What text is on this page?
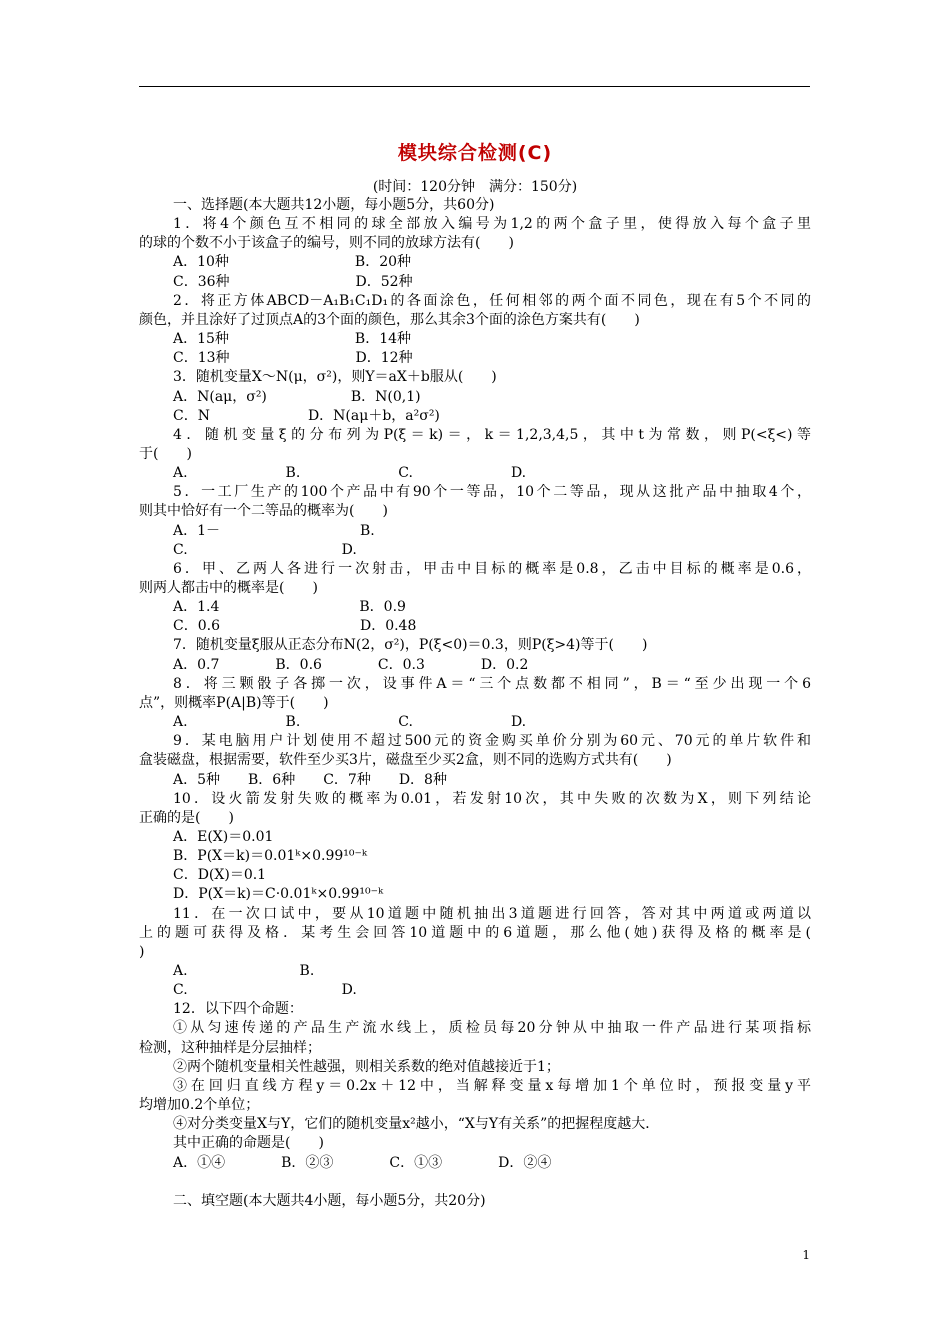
模块综合检测(C)
(时间：120分钟　满分：150分)
一、选择题(本大题共12小题，每小题5分，共60分)
1．将4个颜色互不相同的球全部放入编号为1,2的两个盒子里，使得放入每个盒子里
的球的个数不小于该盒子的编号，则不同的放球方法有(　　)
A．10种　　　　　　　　　B．20种
C．36种　　　　　　　　　D．52种
2．将正方体ABCD－A₁B₁C₁D₁的各面涂色，任何相邻的两个面不同色，现在有5个不同的
颜色，并且涂好了过顶点A的3个面的颜色，那么其余3个面的涂色方案共有(　　)
A．15种　　　　　　　　　B．14种
C．13种　　　　　　　　　D．12种
3．随机变量X～N(μ，σ²)，则Y＝aX＋b服从(　　)
A．N(aμ，σ²)　　　　　　B．N(0,1)
C．N　　　　　　　D．N(aμ＋b，a²σ²)
4．随机变量ξ的分布列为P(ξ＝k)＝，k＝1,2,3,4,5，其中t为常数，则P(<ξ<)等
于(　　)
A.　　　　　　　B.　　　　　　　C.　　　　　　　D.
5．一工厂生产的100个产品中有90个一等品，10个二等品，现从这批产品中抽取4个，
则其中恰好有一个二等品的概率为(　　)
A．1－　　　　　　　　　　B.
C.　　　　　　　　　　　D.
6．甲、乙两人各进行一次射击，甲击中目标的概率是0.8，乙击中目标的概率是0.6，
则两人都击中的概率是(　　)
A．1.4　　　　　　　　　　B．0.9
C．0.6　　　　　　　　　　D．0.48
7．随机变量ξ服从正态分布N(2，σ²)，P(ξ<0)＝0.3，则P(ξ>4)等于(　　)
A．0.7　　　　B．0.6　　　　C．0.3　　　　D．0.2
8．将三颗骰子各掷一次，设事件A＝“三个点数都不相同”，B＝“至少出现一个6
点”，则概率P(A|B)等于(　　)
A.　　　　　　　B.　　　　　　　C.　　　　　　　D.
9．某电脑用户计划使用不超过500元的资金购买单价分别为60元、70元的单片软件和
盒装磁盘，根据需要，软件至少买3片，磁盘至少买2盒，则不同的选购方式共有(　　)
A．5种　　B．6种　　C．7种　　D．8种
10．设火箭发射失败的概率为0.01，若发射10次，其中失败的次数为X，则下列结论
正确的是(　　)
A．E(X)＝0.01
B．P(X＝k)＝0.01ᵏ×0.99¹⁰⁻ᵏ
C．D(X)＝0.1
D．P(X＝k)＝C·0.01ᵏ×0.99¹⁰⁻ᵏ
11．在一次口试中，要从10道题中随机抽出3道题进行回答，答对其中两道或两道以
上的题可获得及格．某考生会回答10道题中的6道题，那么他(她)获得及格的概率是(
)
A.　　　　　　　　B.
C.　　　　　　　　　　　D.
12．以下四个命题：
①从匀速传递的产品生产流水线上，质检员每20分钟从中抽取一件产品进行某项指标
检测，这种抽样是分层抽样；
②两个随机变量相关性越强，则相关系数的绝对值越接近于1；
③在回归直线方程y＝0.2x＋12中，当解释变量x每增加1个单位时，预报变量y平
均增加0.2个单位；
④对分类变量X与Y，它们的随机变量x²越小，“X与Y有关系”的把握程度越大．
其中正确的命题是(　　)
A．①④　　　　B．②③　　　　C．①③　　　　D．②④
二、填空题(本大题共4小题，每小题5分，共20分)
1
